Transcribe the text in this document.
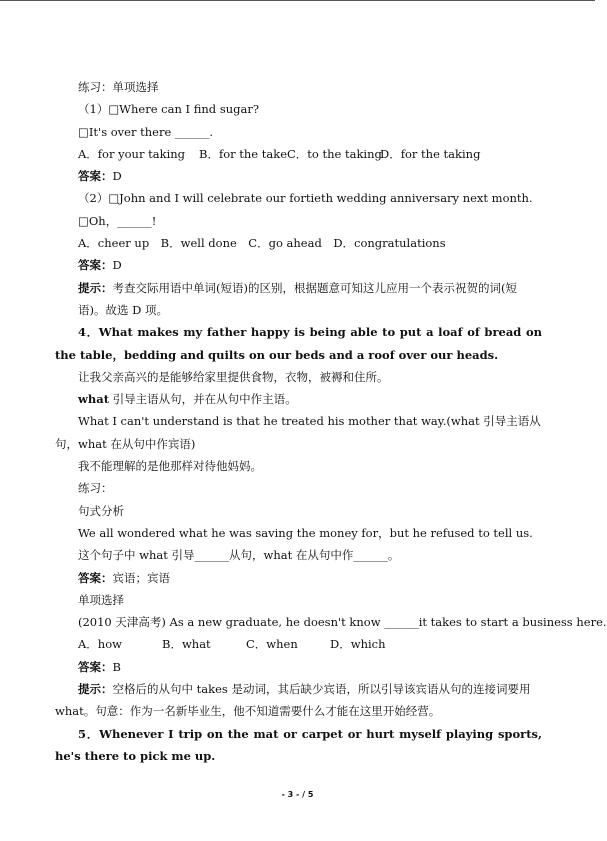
练习：单项选择
（1）□Where can I find sugar?
□It's over there ______.
A．for your taking B．for the takeC．to the takingD．for the taking
答案：D
（2）□John and I will celebrate our fortieth wedding anniversary next month.
□Oh，______!
A．cheer up　B．well done　C．go ahead　D．congratulations
答案：D
提示：考查交际用语中单词(短语)的区别，根据题意可知这儿应用一个表示祝贺的词(短语)。故选 D 项。
4．What makes my father happy is being able to put a loaf of bread on the table，bedding and quilts on our beds and a roof over our heads.
让我父亲高兴的是能够给家里提供食物，衣物，被褥和住所。
what 引导主语从句，并在从句中作主语。
What I can't understand is that he treated his mother that way.(what 引导主语从句，what 在从句中作宾语)
我不能理解的是他那样对待他妈妈。
练习：
句式分析
We all wondered what he was saving the money for，but he refused to tell us.
这个句子中 what 引导______从句，what 在从句中作______。
答案：宾语；宾语
单项选择
(2010 天津高考) As a new graduate, he doesn't know ______it takes to start a business here.
A．how	B．what	C．when	D．which
答案：B
提示：空格后的从句中 takes 是动词，其后缺少宾语，所以引导该宾语从句的连接词要用 what。句意：作为一名新毕业生，他不知道需要什么才能在这里开始经营。
5．Whenever I trip on the mat or carpet or hurt myself playing sports, he's there to pick me up.
- 3 - / 5
